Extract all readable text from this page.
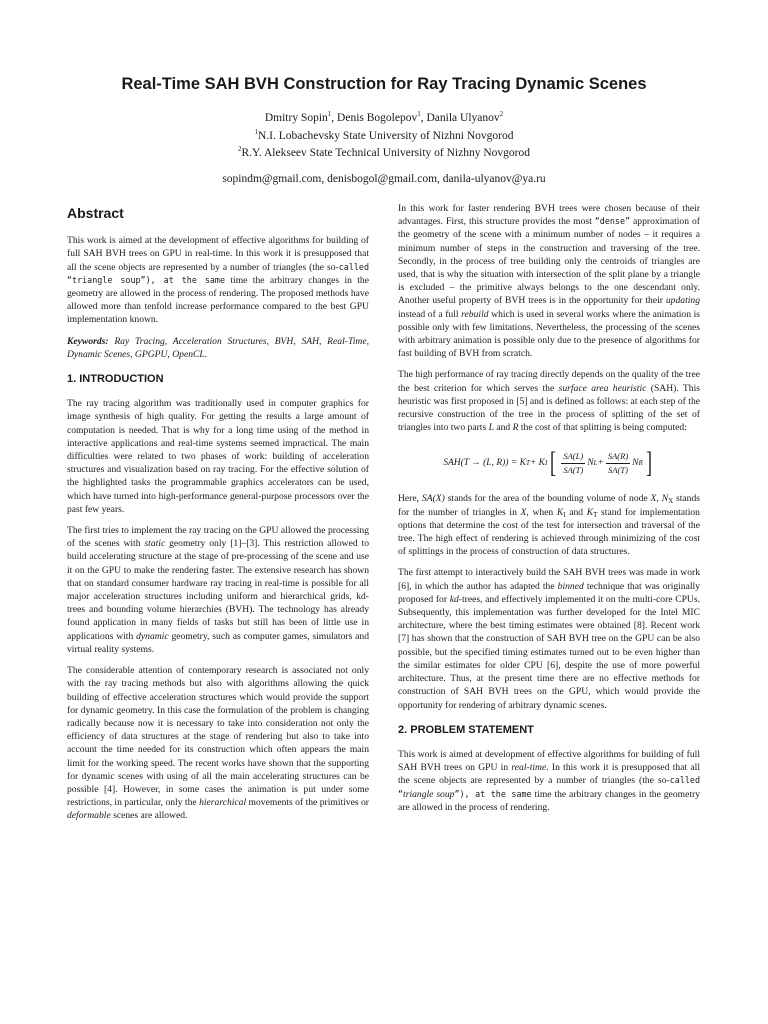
Real-Time SAH BVH Construction for Ray Tracing Dynamic Scenes

Dmitry Sopin$^1$, Denis Bogolepov$^1$, Danila Ulyanov$^2$

$^1$N.I. Lobachevsky State University of Nizhni Novgorod

$^2$R.Y. Alekseev State Technical University of Nizhny Novgorod

sopindm@gmail.com, denisbogol@gmail.com, danila-ulyanov@ya.ru

Abstract

This work is aimed at the development of effective algorithms for building of full SAH BVH trees on GPU in real-time. In this work it is presupposed that all the scene objects are represented by a number of triangles (the so-called “triangle soup”), at the same time the arbitrary changes in the geometry are allowed in the process of rendering. The proposed methods have allowed more than tenfold increase performance compared to the best GPU implementation known.

Keywords: Ray Tracing, Acceleration Structures, BVH, SAH, Real-Time, Dynamic Scenes, GPGPU, OpenCL.

1. INTRODUCTION

The ray tracing algorithm was traditionally used in computer graphics for image synthesis of high quality. For getting the results a large amount of computation is needed. That is why for a long time using of the method in interactive applications and real-time systems seemed impractical. The main difficulties were related to two phases of work: building of acceleration structures and visualization based on ray tracing. For the effective solution of the highlighted tasks the programmable graphics accelerators can be used, which have turned into high-performance general-purpose processors over the past few years.

The first tries to implement the ray tracing on the GPU allowed the processing of the scenes with static geometry only [1]–[3]. This restriction allowed to build accelerating structure at the stage of pre-processing of the scene and use it on the GPU to make the rendering faster. The extensive research has shown that on standard consumer hardware ray tracing in real-time is possible for all major acceleration structures including uniform and hierarchical grids, kd-trees and bounding volume hierarchies (BVH). The technology has already found application in many fields of tasks but still has been of little use in applications with dynamic geometry, such as computer games, simulators and virtual reality systems.

The considerable attention of contemporary research is associated not only with the ray tracing methods but also with algorithms allowing the quick building of effective acceleration structures which would provide the support for dynamic geometry. In this case the formulation of the problem is changing radically because now it is necessary to take into consideration not only the efficiency of data structures at the stage of rendering but also to take into account the time needed for its construction which often appears the main limit for the working speed. The recent works have shown that the supporting for dynamic scenes with using of all the main accelerating structures can be possible [4]. However, in some cases the animation is put under some restrictions, in particular, only the hierarchical movements of the primitives or deformable scenes are allowed.

In this work for faster rendering BVH trees were chosen because of their advantages. First, this structure provides the most “dense” approximation of the geometry of the scene with a minimum number of nodes – it requires a minimum number of steps in the construction and traversing of the tree. Secondly, in the process of tree building only the centroids of triangles are used, that is why the situation with intersection of the split plane by a triangle is excluded – the primitive always belongs to the one descendant only. Another useful property of BVH trees is in the opportunity for their updating instead of a full rebuild which is used in several works where the animation is possible only with few limitations. Nevertheless, the processing of the scenes with arbitrary animation is possible only due to the presence of algorithms for fast building of BVH from scratch.

The high performance of ray tracing directly depends on the quality of the tree the best criterion for which serves the surface area heuristic (SAH). This heuristic was first proposed in [5] and is defined as follows: at each step of the recursive construction of the tree in the process of splitting of the set of triangles into two parts L and R the cost of that splitting is being computed:

SAH(T → (L, R)) = K T + K I [ $\frac{SA(L)}{SA(T)}$ N $L + \frac{SA(R)}{SA(T)}$ N R ]

Here, SA(X) stands for the area of the bounding volume of node X, $N_X$ stands for the number of triangles in X, when $K_I$ and $K_T$ stand for implementation options that determine the cost of the test for intersection and traversal of the tree. The high effect of rendering is achieved through minimizing of the cost of splittings in the process of construction of data structures.

The first attempt to interactively build the SAH BVH trees was made in work [6], in which the author has adapted the binned technique that was originally proposed for kd-trees, and effectively implemented it on the multi-core CPUs. Subsequently, this implementation was further developed for the Intel MIC architecture, where the best timing estimates were obtained [8]. Recent work [7] has shown that the construction of SAH BVH tree on the GPU can be also possible, but the specified timing estimates turned out to be even higher than the similar estimates for older CPU [6], despite the use of more powerful architecture. Thus, at the present time there are no effective methods for construction of SAH BVH trees on the GPU, which would provide the opportunity for rendering of arbitrary dynamic scenes.

2. PROBLEM STATEMENT

This work is aimed at development of effective algorithms for building of full SAH BVH trees on GPU in real-time. In this work it is presupposed that all the scene objects are represented by a number of triangles (the so-called “triangle soup”), at the same time the arbitrary changes in the geometry are allowed in the process of rendering.
